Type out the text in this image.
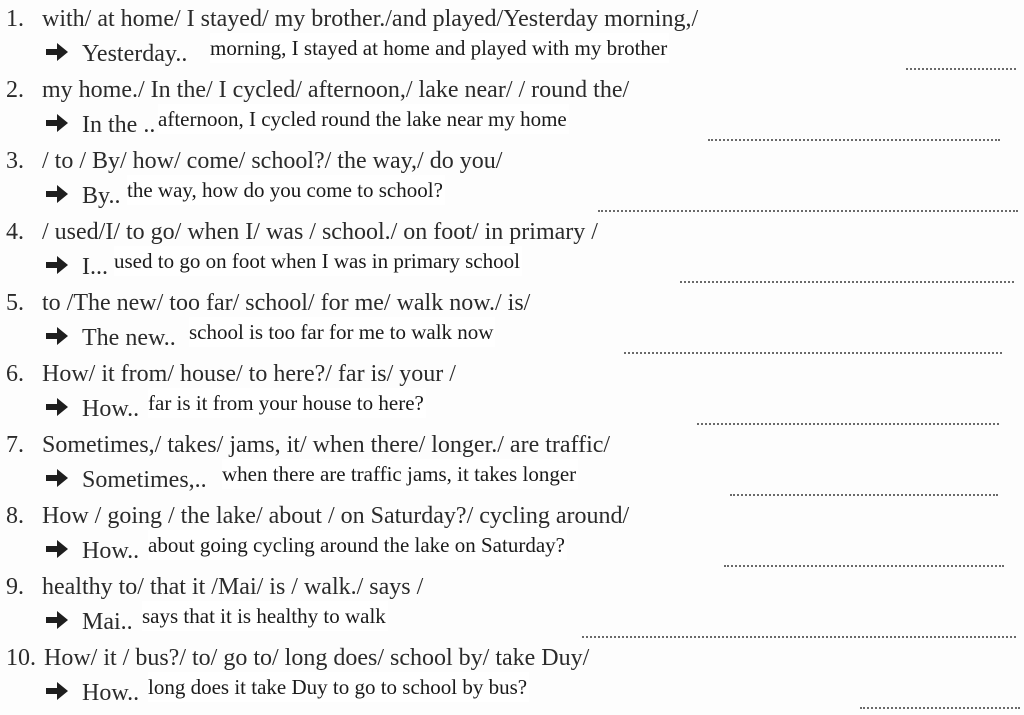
1. with/ at home/ I stayed/ my brother./and played/Yesterday morning,/
Yesterday.. morning, I stayed at home and played with my brother
2. my home./ In the/ I cycled/ afternoon,/ lake near/ / round the/
In the .. afternoon, I cycled round the lake near my home
3. / to / By/ how/ come/ school?/ the way,/ do you/
By.. the way, how do you come to school?
4. / used/I/ to go/ when I/ was / school./ on foot/ in primary /
I... used to go on foot when I was in primary school
5. to /The new/ too far/ school/ for me/ walk now./ is/
The new.. school is too far for me to walk now
6. How/ it from/ house/ to here?/ far is/ your /
How.. far is it from your house to here?
7. Sometimes,/ takes/ jams, it/ when there/ longer./ are traffic/
Sometimes,.. when there are traffic jams, it takes longer
8. How / going / the lake/ about / on Saturday?/ cycling around/
How.. about going cycling around the lake on Saturday?
9. healthy to/ that it /Mai/ is / walk./ says /
Mai.. says that it is healthy to walk
10. How/ it / bus?/ to/ go to/ long does/ school by/ take Duy/
How.. long does it take Duy to go to school by bus?
